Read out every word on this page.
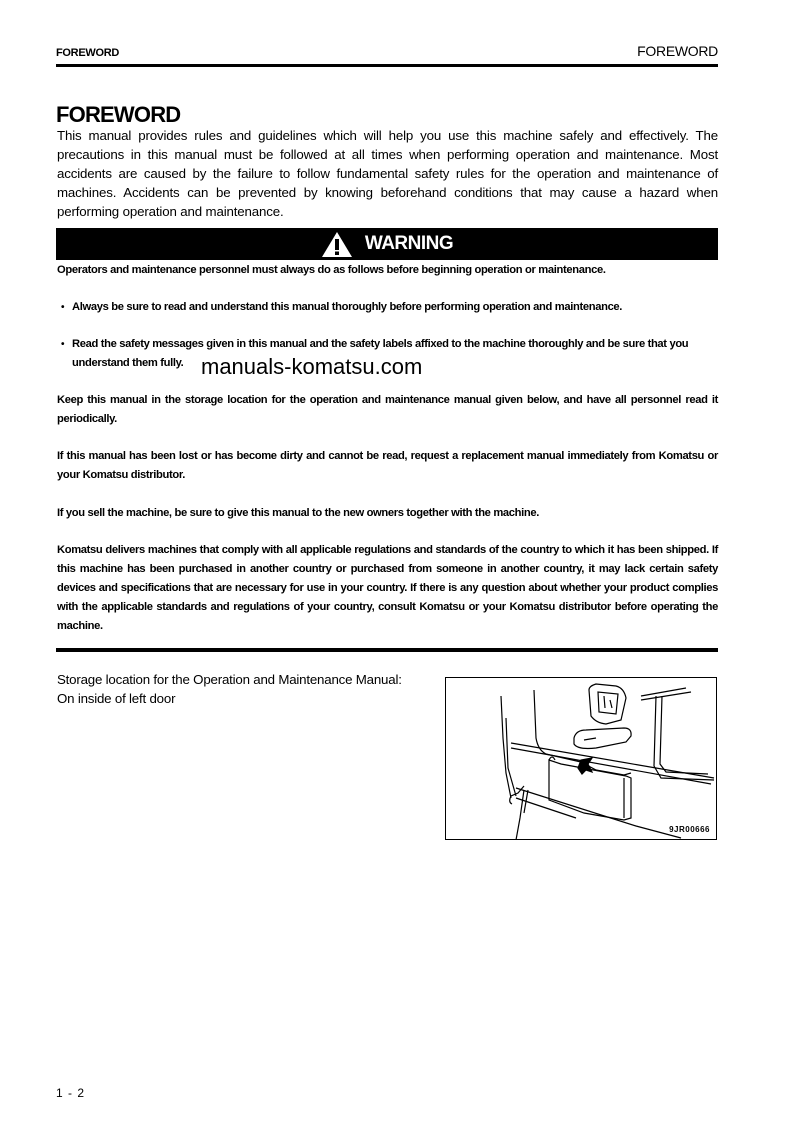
FOREWORD	FOREWORD
FOREWORD
This manual provides rules and guidelines which will help you use this machine safely and effectively. The precautions in this manual must be followed at all times when performing operation and maintenance. Most accidents are caused by the failure to follow fundamental safety rules for the operation and maintenance of machines. Accidents can be prevented by knowing beforehand conditions that may cause a hazard when performing operation and maintenance.
WARNING
Operators and maintenance personnel must always do as follows before beginning operation or maintenance.
• Always be sure to read and understand this manual thoroughly before performing operation and maintenance.
• Read the safety messages given in this manual and the safety labels affixed to the machine thoroughly and be sure that you understand them fully. manuals-komatsu.com
Keep this manual in the storage location for the operation and maintenance manual given below, and have all personnel read it periodically.
If this manual has been lost or has become dirty and cannot be read, request a replacement manual immediately from Komatsu or your Komatsu distributor.
If you sell the machine, be sure to give this manual to the new owners together with the machine.
Komatsu delivers machines that comply with all applicable regulations and standards of the country to which it has been shipped. If this machine has been purchased in another country or purchased from someone in another country, it may lack certain safety devices and specifications that are necessary for use in your country. If there is any question about whether your product complies with the applicable standards and regulations of your country, consult Komatsu or your Komatsu distributor before operating the machine.
Storage location for the Operation and Maintenance Manual:
On inside of left door
9JR00666
1 - 2
